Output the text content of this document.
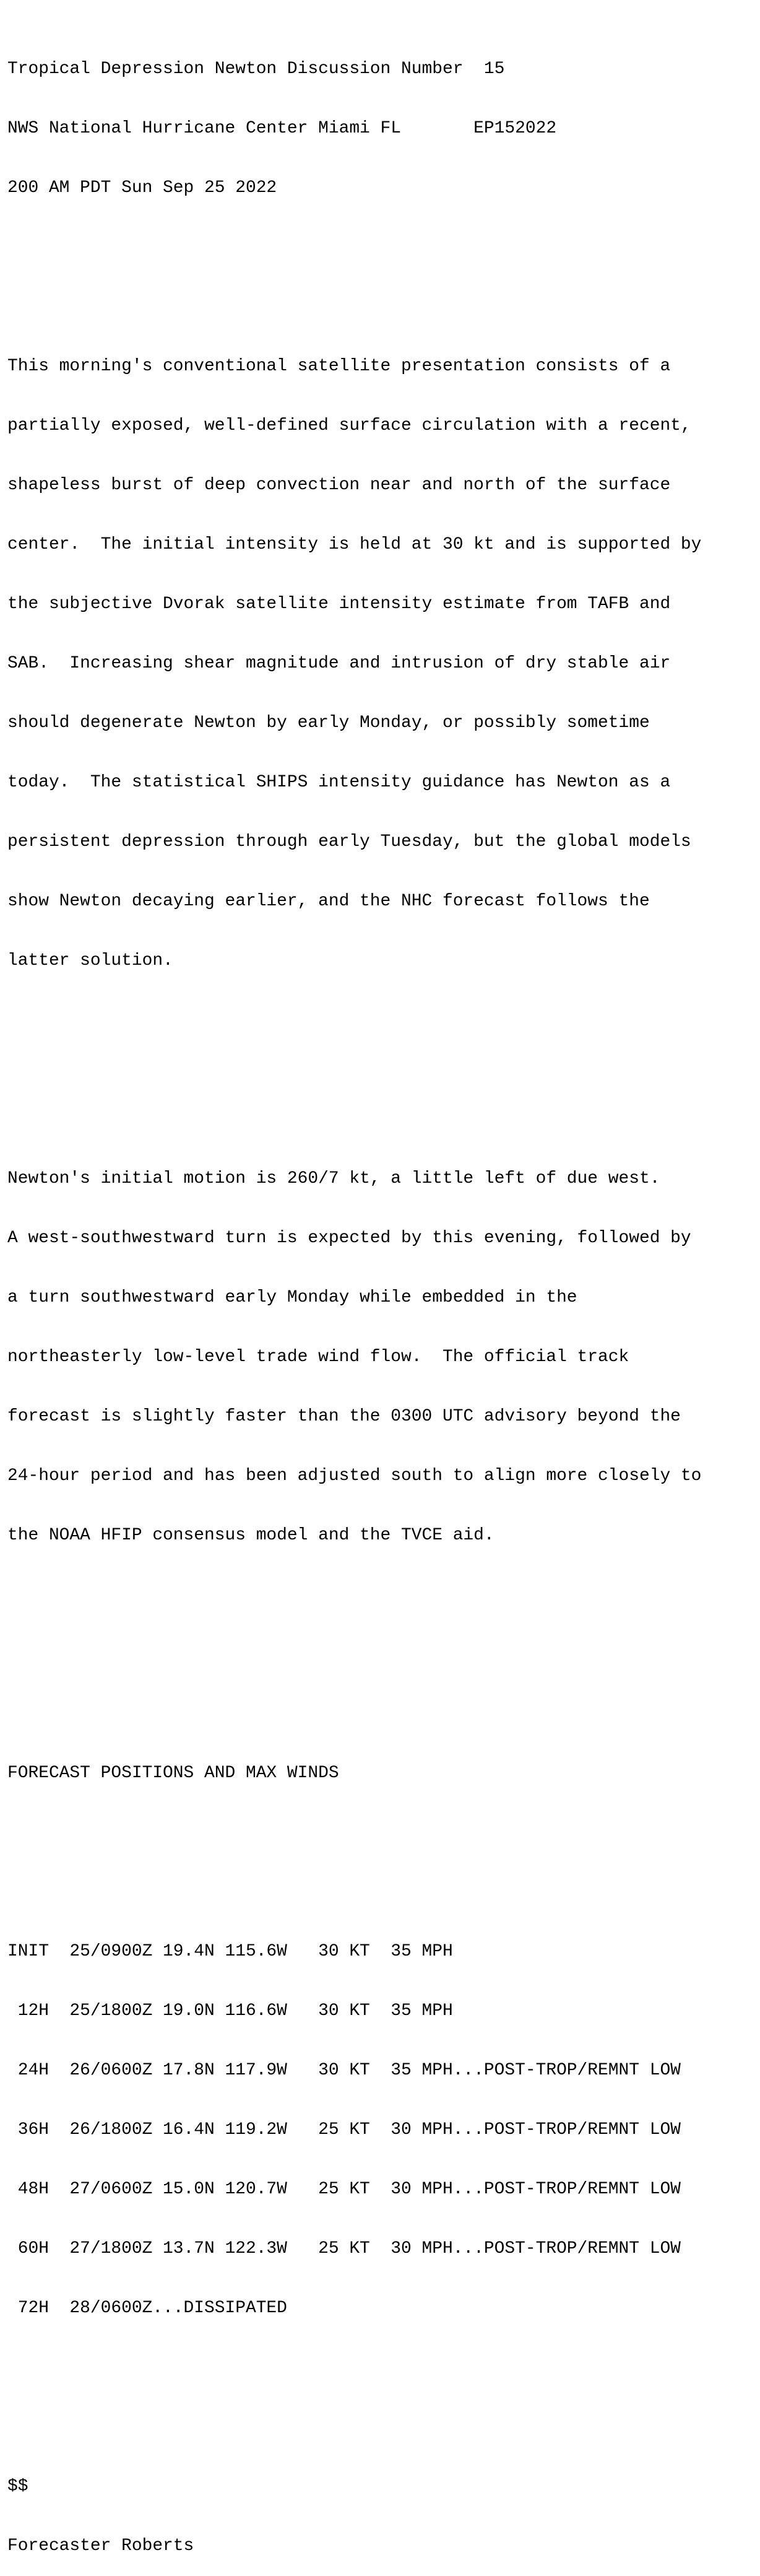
Tropical Depression Newton Discussion Number  15

NWS National Hurricane Center Miami FL       EP152022

200 AM PDT Sun Sep 25 2022

This morning's conventional satellite presentation consists of a

partially exposed, well-defined surface circulation with a recent,

shapeless burst of deep convection near and north of the surface

center.  The initial intensity is held at 30 kt and is supported by

the subjective Dvorak satellite intensity estimate from TAFB and

SAB.  Increasing shear magnitude and intrusion of dry stable air

should degenerate Newton by early Monday, or possibly sometime

today.  The statistical SHIPS intensity guidance has Newton as a

persistent depression through early Tuesday, but the global models

show Newton decaying earlier, and the NHC forecast follows the

latter solution.

Newton's initial motion is 260/7 kt, a little left of due west.

A west-southwestward turn is expected by this evening, followed by

a turn southwestward early Monday while embedded in the

northeasterly low-level trade wind flow.  The official track

forecast is slightly faster than the 0300 UTC advisory beyond the

24-hour period and has been adjusted south to align more closely to

the NOAA HFIP consensus model and the TVCE aid.

FORECAST POSITIONS AND MAX WINDS

INIT  25/0900Z 19.4N 115.6W   30 KT  35 MPH

12H  25/1800Z 19.0N 116.6W   30 KT  35 MPH

24H  26/0600Z 17.8N 117.9W   30 KT  35 MPH...POST-TROP/REMNT LOW

36H  26/1800Z 16.4N 119.2W   25 KT  30 MPH...POST-TROP/REMNT LOW

48H  27/0600Z 15.0N 120.7W   25 KT  30 MPH...POST-TROP/REMNT LOW

60H  27/1800Z 13.7N 122.3W   25 KT  30 MPH...POST-TROP/REMNT LOW

72H  28/0600Z...DISSIPATED

$$

Forecaster Roberts
